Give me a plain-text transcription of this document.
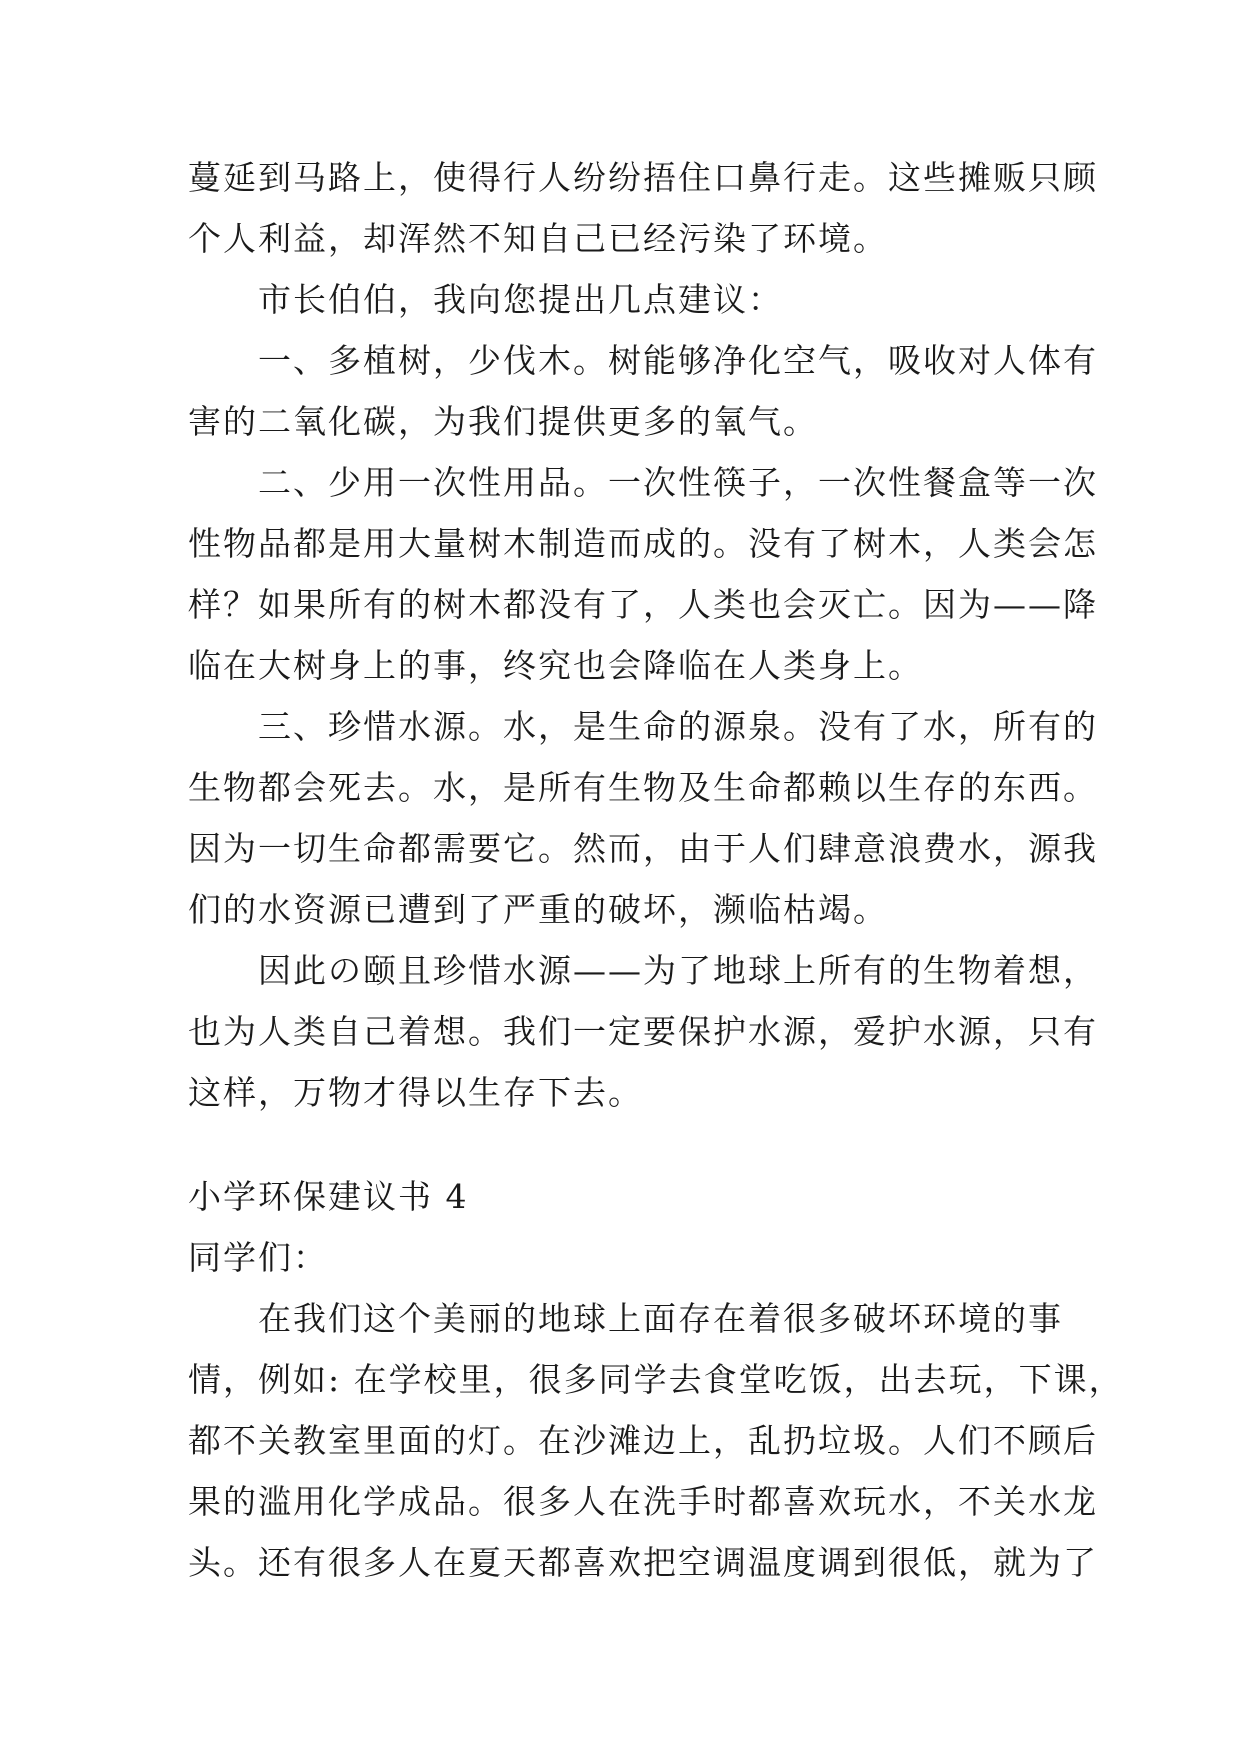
蔓延到马路上，使得行人纷纷捂住口鼻行走。这些摊贩只顾
个人利益，却浑然不知自己已经污染了环境。
市长伯伯，我向您提出几点建议：
一、多植树，少伐木。树能够净化空气，吸收对人体有
害的二氧化碳，为我们提供更多的氧气。
二、少用一次性用品。一次性筷子，一次性餐盒等一次
性物品都是用大量树木制造而成的。没有了树木，人类会怎
样？如果所有的树木都没有了，人类也会灭亡。因为——降
临在大树身上的事，终究也会降临在人类身上。
三、珍惜水源。水，是生命的源泉。没有了水，所有的
生物都会死去。水，是所有生物及生命都赖以生存的东西。
因为一切生命都需要它。然而，由于人们肆意浪费水，源我
们的水资源已遭到了严重的破坏，濒临枯竭。
因此の颐且珍惜水源——为了地球上所有的生物着想，
也为人类自己着想。我们一定要保护水源，爱护水源，只有
这样，万物才得以生存下去。
小学环保建议书 4
同学们：
在我们这个美丽的地球上面存在着很多破坏环境的事
情，例如: 在学校里，很多同学去食堂吃饭，出去玩，下课，
都不关教室里面的灯。在沙滩边上，乱扔垃圾。人们不顾后
果的滥用化学成品。很多人在洗手时都喜欢玩水，不关水龙
头。还有很多人在夏天都喜欢把空调温度调到很低，就为了
